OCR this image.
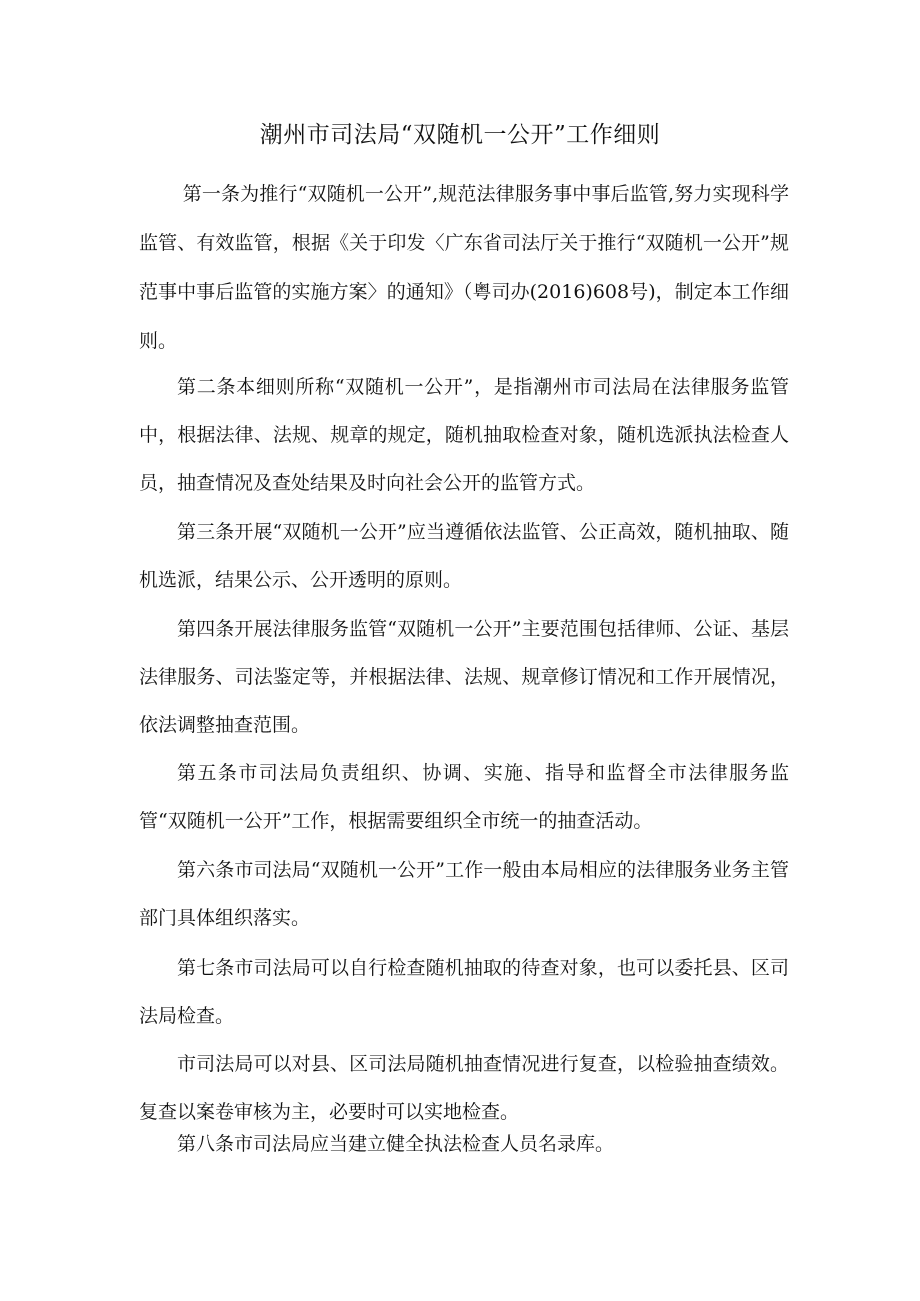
潮州市司法局“双随机一公开”工作细则

第一条为推行“双随机一公开”,规范法律服务事中事后监管,努力实现科学监管、有效监管，根据《关于印发〈广东省司法厅关于推行“双随机一公开”规范事中事后监管的实施方案〉的通知》（粤司办(2016)608号)，制定本工作细则。

第二条本细则所称“双随机一公开”，是指潮州市司法局在法律服务监管中，根据法律、法规、规章的规定，随机抽取检查对象，随机选派执法检查人员，抽查情况及查处结果及时向社会公开的监管方式。

第三条开展“双随机一公开”应当遵循依法监管、公正高效，随机抽取、随机选派，结果公示、公开透明的原则。

第四条开展法律服务监管“双随机一公开”主要范围包括律师、公证、基层法律服务、司法鉴定等，并根据法律、法规、规章修订情况和工作开展情况，依法调整抽查范围。

第五条市司法局负责组织、协调、实施、指导和监督全市法律服务监管“双随机一公开”工作，根据需要组织全市统一的抽查活动。

第六条市司法局“双随机一公开”工作一般由本局相应的法律服务业务主管部门具体组织落实。

第七条市司法局可以自行检查随机抽取的待查对象，也可以委托县、区司法局检查。

市司法局可以对县、区司法局随机抽查情况进行复查，以检验抽查绩效。复查以案卷审核为主，必要时可以实地检查。

第八条市司法局应当建立健全执法检查人员名录库。
